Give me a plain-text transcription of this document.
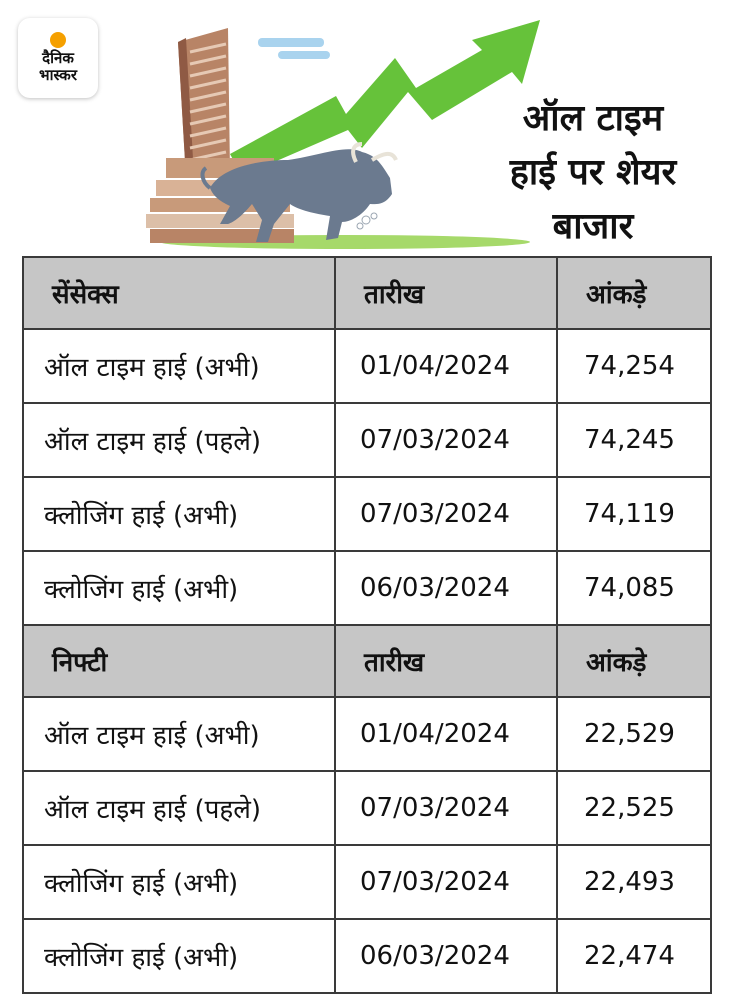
दैनिक
भास्कर
ऑल टाइम
हाई पर शेयर
बाजार
सेंसेक्स	तारीख	आंकड़े
ऑल टाइम हाई (अभी)	01/04/2024	74,254
ऑल टाइम हाई (पहले)	07/03/2024	74,245
क्लोजिंग हाई (अभी)	07/03/2024	74,119
क्लोजिंग हाई (अभी)	06/03/2024	74,085
निफ्टी	तारीख	आंकड़े
ऑल टाइम हाई (अभी)	01/04/2024	22,529
ऑल टाइम हाई (पहले)	07/03/2024	22,525
क्लोजिंग हाई (अभी)	07/03/2024	22,493
क्लोजिंग हाई (अभी)	06/03/2024	22,474
